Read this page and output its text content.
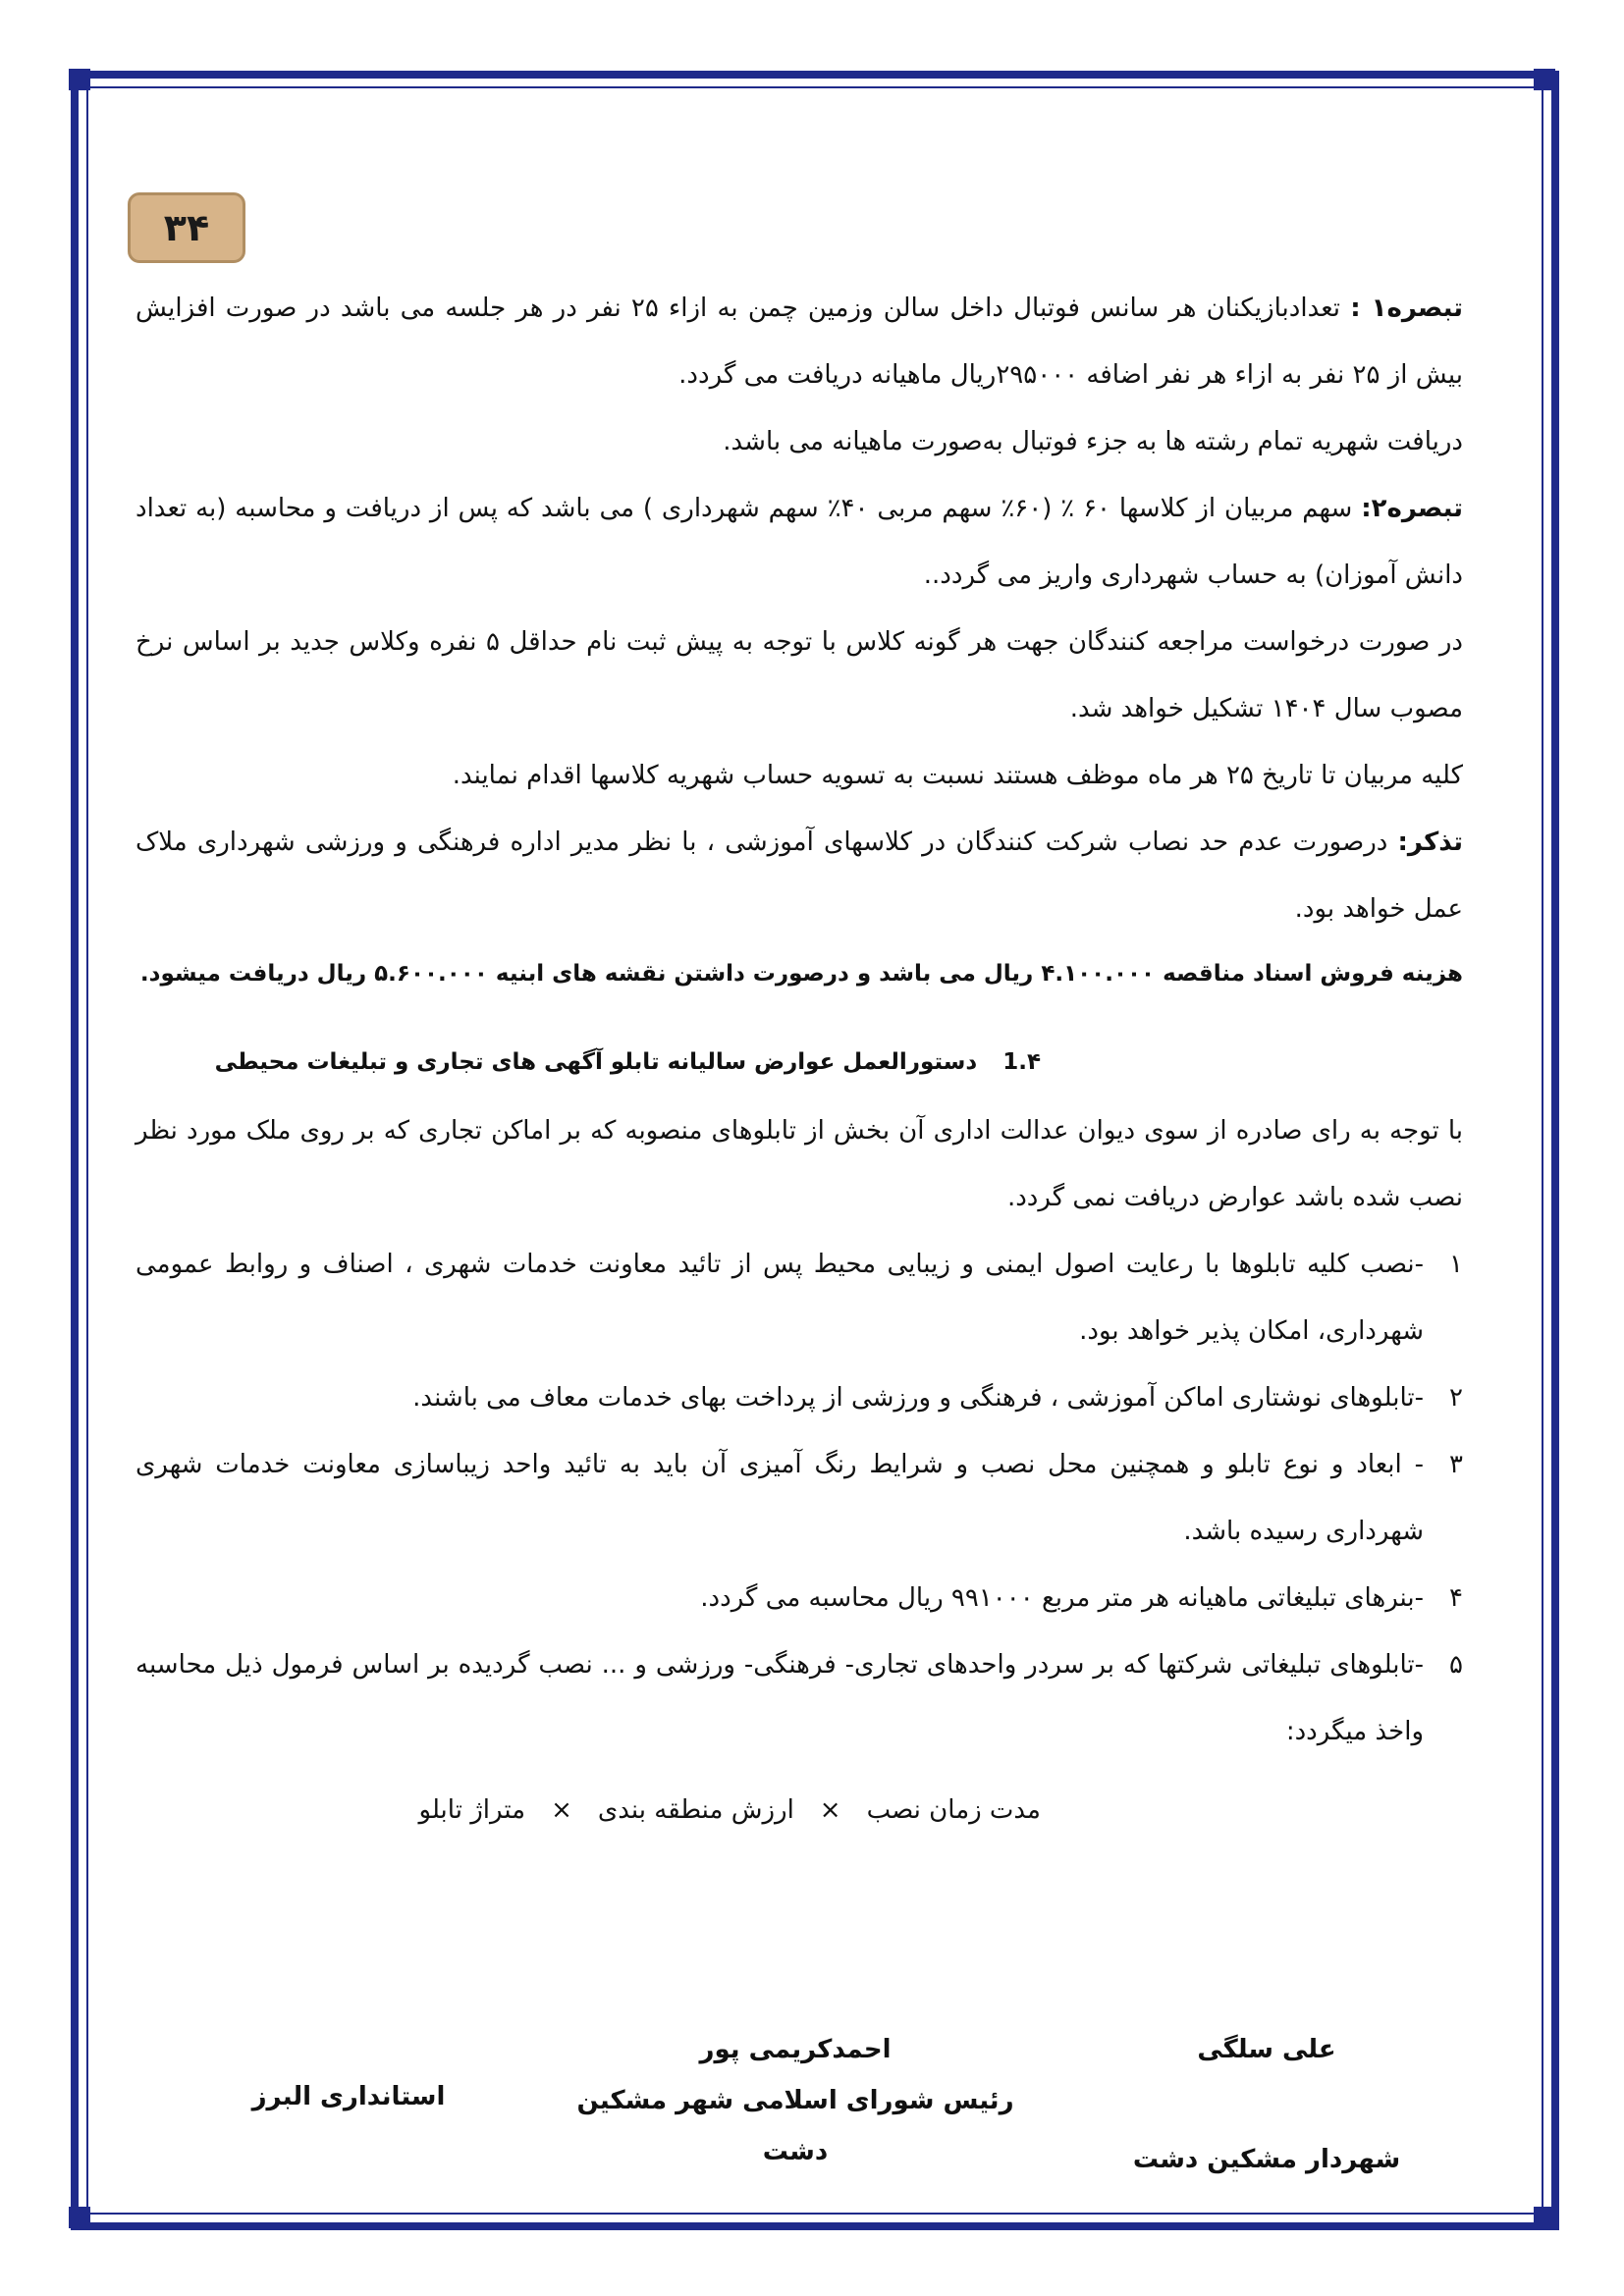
۳۴

تبصره۱ : تعدادبازیکنان هر سانس فوتبال داخل سالن وزمین چمن به ازاء ۲۵ نفر در هر جلسه می باشد در صورت افزایش بیش از ۲۵ نفر به ازاء هر نفر اضافه ۲۹۵۰۰۰ریال ماهیانه دریافت می گردد.

دریافت شهریه تمام رشته ها به جزء فوتبال به‌صورت ماهیانه می باشد.

تبصره۲: سهم مربیان از کلاسها ۶۰ ٪ (۶۰٪ سهم مربی ۴۰٪ سهم شهرداری ) می باشد که پس از دریافت و محاسبه (به تعداد دانش آموزان) به حساب شهرداری واریز می گردد..

در صورت درخواست مراجعه کنندگان جهت هر گونه کلاس با توجه به پیش ثبت نام حداقل ۵ نفره وکلاس جدید بر اساس نرخ مصوب سال ۱۴۰۴ تشکیل خواهد شد.

کلیه مربیان تا تاریخ ۲۵ هر ماه موظف هستند نسبت به تسویه حساب شهریه کلاسها اقدام نمایند.

تذکر: درصورت عدم حد نصاب شرکت کنندگان در کلاسهای آموزشی ، با نظر مدیر اداره فرهنگی و ورزشی شهرداری ملاک عمل خواهد بود.

هزینه فروش اسناد مناقصه ۴.۱۰۰.۰۰۰ ریال می باشد و درصورت داشتن نقشه های ابنیه ۵.۶۰۰.۰۰۰ ریال دریافت میشود.

1.۴دستورالعمل عوارض سالیانه تابلو آگهی های تجاری و تبلیغات محیطی

با توجه به رای صادره از سوی دیوان عدالت اداری آن بخش از تابلوهای منصوبه که بر اماکن تجاری که بر روی ملک مورد نظر نصب شده باشد عوارض دریافت نمی گردد.

۱
-نصب کلیه تابلوها با رعایت اصول ایمنی و زیبایی محیط پس از تائید معاونت خدمات شهری ، اصناف و روابط عمومی شهرداری، امکان پذیر خواهد بود.
۲
-تابلوهای نوشتاری اماکن آموزشی ، فرهنگی و ورزشی از پرداخت بهای خدمات معاف می باشند.
۳
- ابعاد و نوع تابلو و همچنین محل نصب و شرایط رنگ آمیزی آن باید به تائید واحد زیباسازی معاونت خدمات شهری شهرداری رسیده باشد.
۴
-بنرهای تبلیغاتی ماهیانه هر متر مربع ۹۹۱۰۰۰ ریال محاسبه می گردد.
۵
-تابلوهای تبلیغاتی شرکتها که بر سردر واحدهای تجاری- فرهنگی- ورزشی و ... نصب گردیده بر اساس فرمول ذیل محاسبه واخذ میگردد:

مدت زمان نصب×ارزش منطقه بندی×متراژ تابلو

علی سلگی
شهردار مشکین دشت
احمدکریمی پور
رئیس شورای اسلامی شهر مشکین
دشت
استانداری البرز
